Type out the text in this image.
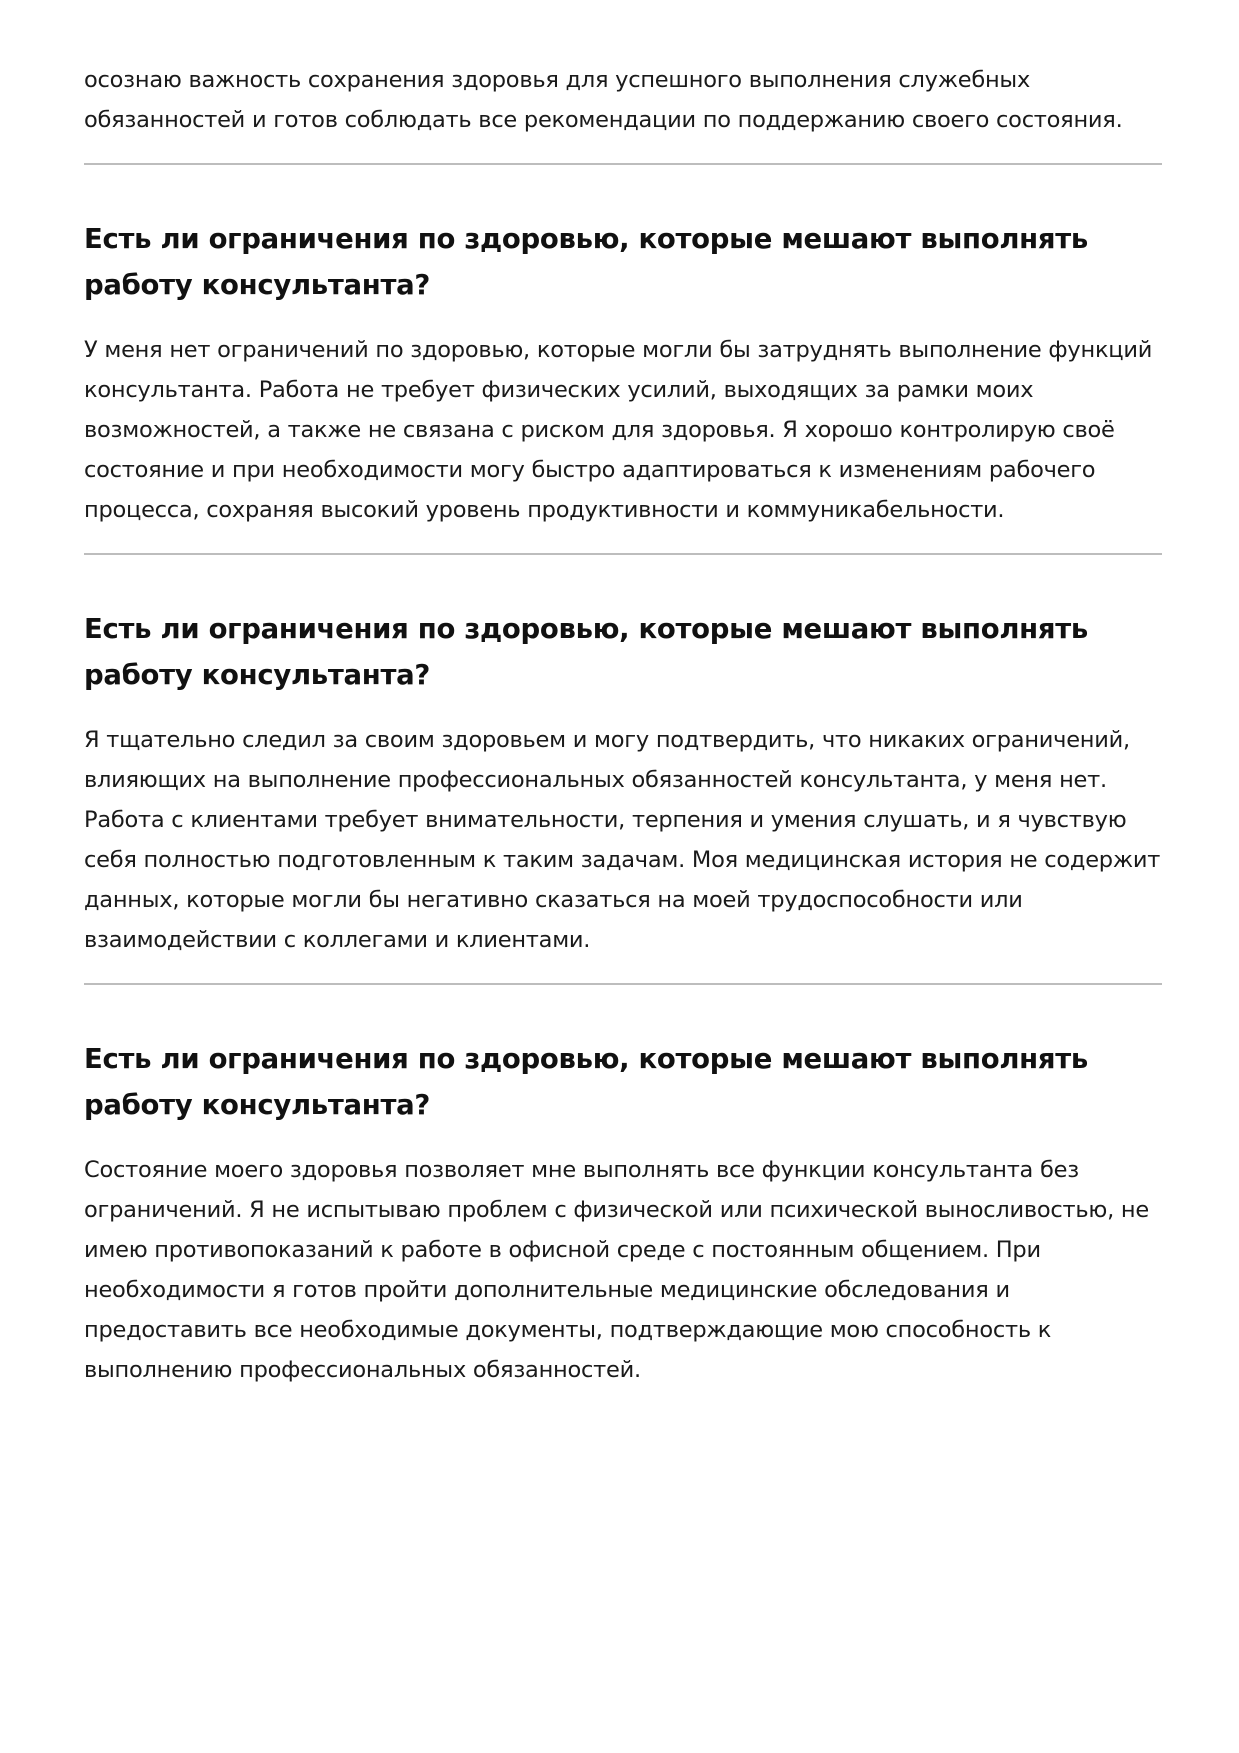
осознаю важность сохранения здоровья для успешного выполнения служебных обязанностей и готов соблюдать все рекомендации по поддержанию своего состояния.

Есть ли ограничения по здоровью, которые мешают выполнять работу консультанта?

У меня нет ограничений по здоровью, которые могли бы затруднять выполнение функций консультанта. Работа не требует физических усилий, выходящих за рамки моих возможностей, а также не связана с риском для здоровья. Я хорошо контролирую своё состояние и при необходимости могу быстро адаптироваться к изменениям рабочего процесса, сохраняя высокий уровень продуктивности и коммуникабельности.

Есть ли ограничения по здоровью, которые мешают выполнять работу консультанта?

Я тщательно следил за своим здоровьем и могу подтвердить, что никаких ограничений, влияющих на выполнение профессиональных обязанностей консультанта, у меня нет. Работа с клиентами требует внимательности, терпения и умения слушать, и я чувствую себя полностью подготовленным к таким задачам. Моя медицинская история не содержит данных, которые могли бы негативно сказаться на моей трудоспособности или взаимодействии с коллегами и клиентами.

Есть ли ограничения по здоровью, которые мешают выполнять работу консультанта?

Состояние моего здоровья позволяет мне выполнять все функции консультанта без ограничений. Я не испытываю проблем с физической или психической выносливостью, не имею противопоказаний к работе в офисной среде с постоянным общением. При необходимости я готов пройти дополнительные медицинские обследования и предоставить все необходимые документы, подтверждающие мою способность к выполнению профессиональных обязанностей.
